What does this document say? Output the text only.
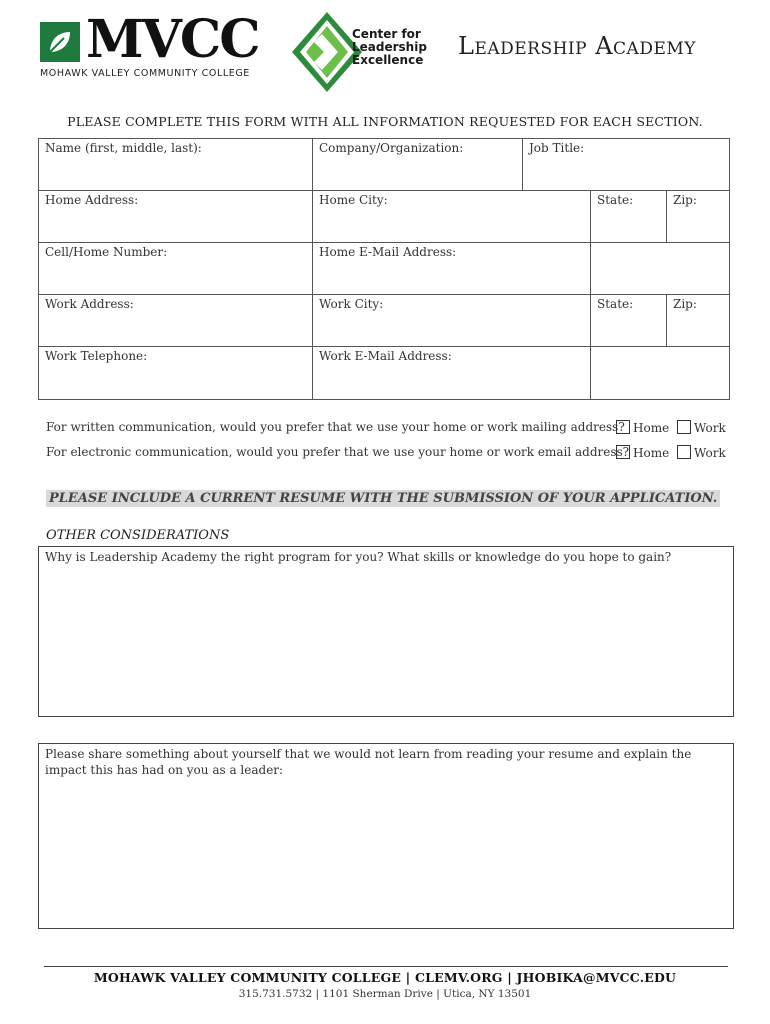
MVCC
MOHAWK VALLEY COMMUNITY COLLEGE
Center for
Leadership
Excellence Leadership Academy
PLEASE COMPLETE THIS FORM WITH ALL INFORMATION REQUESTED FOR EACH SECTION.
Name (first, middle, last):	Company/Organization:	Job Title:
Home Address:	Home City:	State:	Zip:
Cell/Home Number:	Home E-Mail Address:
Work Address:	Work City:	State:	Zip:
Work Telephone:	Work E-Mail Address:
For written communication, would you prefer that we use your home or work mailing address? Home Work
For electronic communication, would you prefer that we use your home or work email address? Home Work
PLEASE INCLUDE A CURRENT RESUME WITH THE SUBMISSION OF YOUR APPLICATION.
OTHER CONSIDERATIONS
Why is Leadership Academy the right program for you? What skills or knowledge do you hope to gain?
Please share something about yourself that we would not learn from reading your resume and explain the impact this has had on you as a leader:
MOHAWK VALLEY COMMUNITY COLLEGE | CLEMV.ORG | JHOBIKA@MVCC.EDU
315.731.5732 | 1101 Sherman Drive | Utica, NY 13501
